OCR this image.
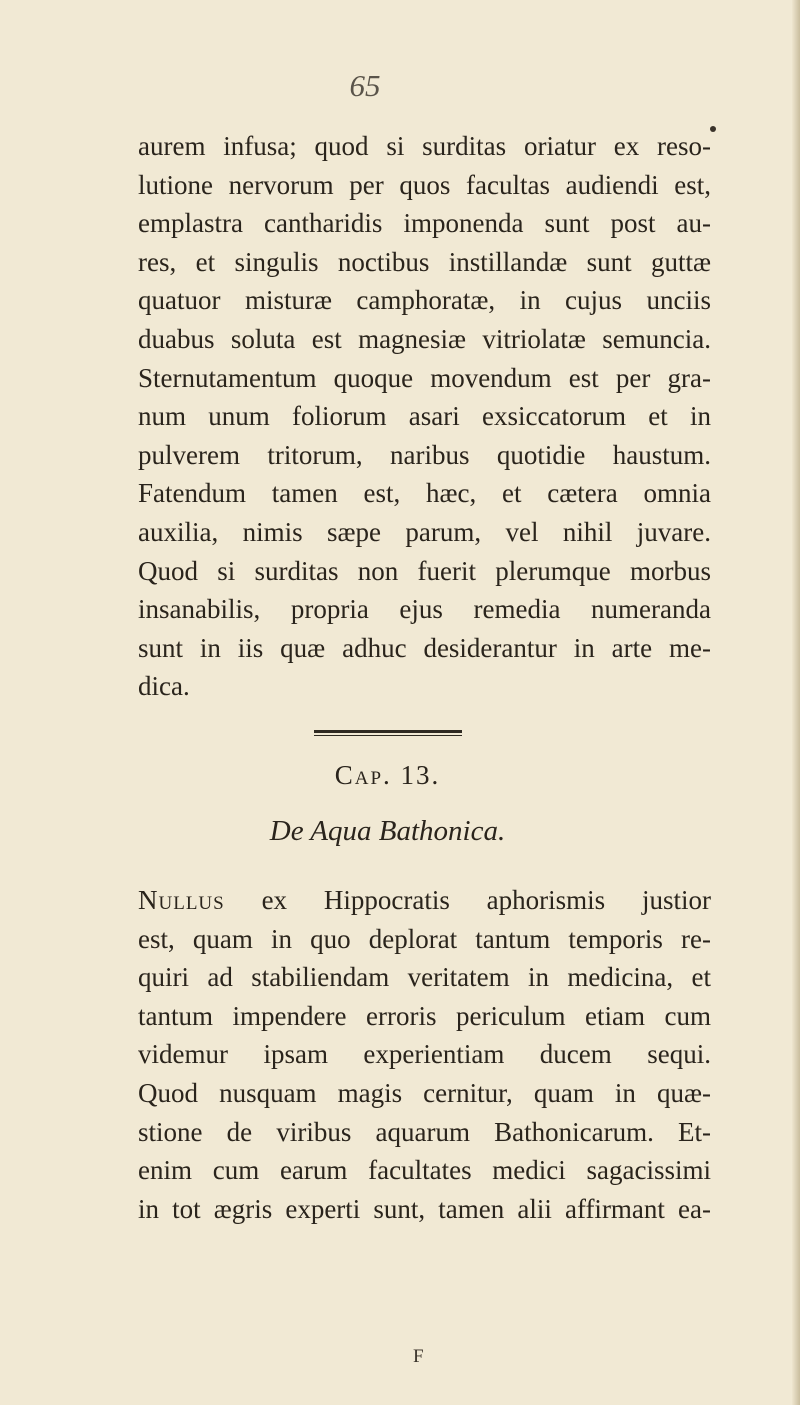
65
aurem infusa; quod si surditas oriatur ex reso-
lutione nervorum per quos facultas audiendi est,
emplastra cantharidis imponenda sunt post au-
res, et singulis noctibus instillandæ sunt guttæ
quatuor misturæ camphoratæ, in cujus unciis
duabus soluta est magnesiæ vitriolatæ semuncia.
Sternutamentum quoque movendum est per gra-
num unum foliorum asari exsiccatorum et in
pulverem tritorum, naribus quotidie haustum.
Fatendum tamen est, hæc, et cætera omnia
auxilia, nimis sæpe parum, vel nihil juvare.
Quod si surditas non fuerit plerumque morbus
insanabilis, propria ejus remedia numeranda
sunt in iis quæ adhuc desiderantur in arte me-
dica.
Cap. 13.
De Aqua Bathonica.
Nullus ex Hippocratis aphorismis justior
est, quam in quo deplorat tantum temporis re-
quiri ad stabiliendam veritatem in medicina, et
tantum impendere erroris periculum etiam cum
videmur ipsam experientiam ducem sequi.
Quod nusquam magis cernitur, quam in quæ-
stione de viribus aquarum Bathonicarum. Et-
enim cum earum facultates medici sagacissimi
in tot ægris experti sunt, tamen alii affirmant ea-
F
